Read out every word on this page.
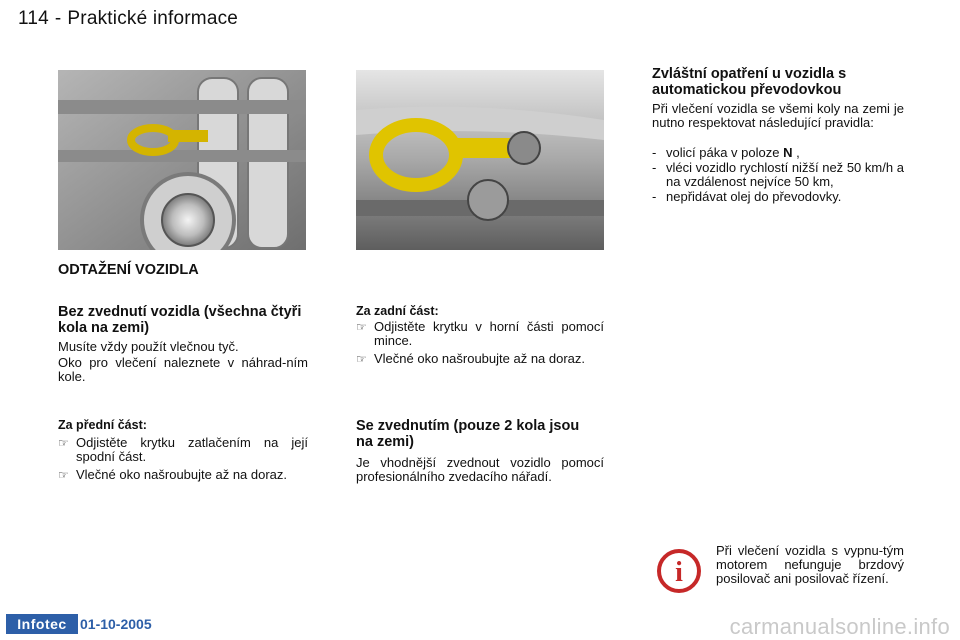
114 - Praktické informace
ODTAŽENÍ VOZIDLA
Bez zvednutí vozidla (všechna čtyři kola na zemi)
Musíte vždy použít vlečnou tyč.
Oko pro vlečení naleznete v náhrad-ním kole.
Za přední část:
☞ Odjistěte krytku zatlačením na její spodní část.
☞ Vlečné oko našroubujte až na doraz.
Za zadní část:
☞ Odjistěte krytku v horní části pomocí mince.
☞ Vlečné oko našroubujte až na doraz.
Se zvednutím (pouze 2 kola jsou na zemi)
Je vhodnější zvednout vozidlo pomocí profesionálního zvedacího nářadí.
Zvláštní opatření u vozidla s automatickou převodovkou
Při vlečení vozidla se všemi koly na zemi je nutno respektovat následující pravidla:
- volicí páka v poloze N ,
- vléci vozidlo rychlostí nižší než 50 km/h a na vzdálenost nejvíce 50 km,
- nepřidávat olej do převodovky.
i
Při vlečení vozidla s vypnu-tým motorem nefunguje brzdový posilovač ani posilovač řízení.
Infotec 01-10-2005	carmanualsonline.info
